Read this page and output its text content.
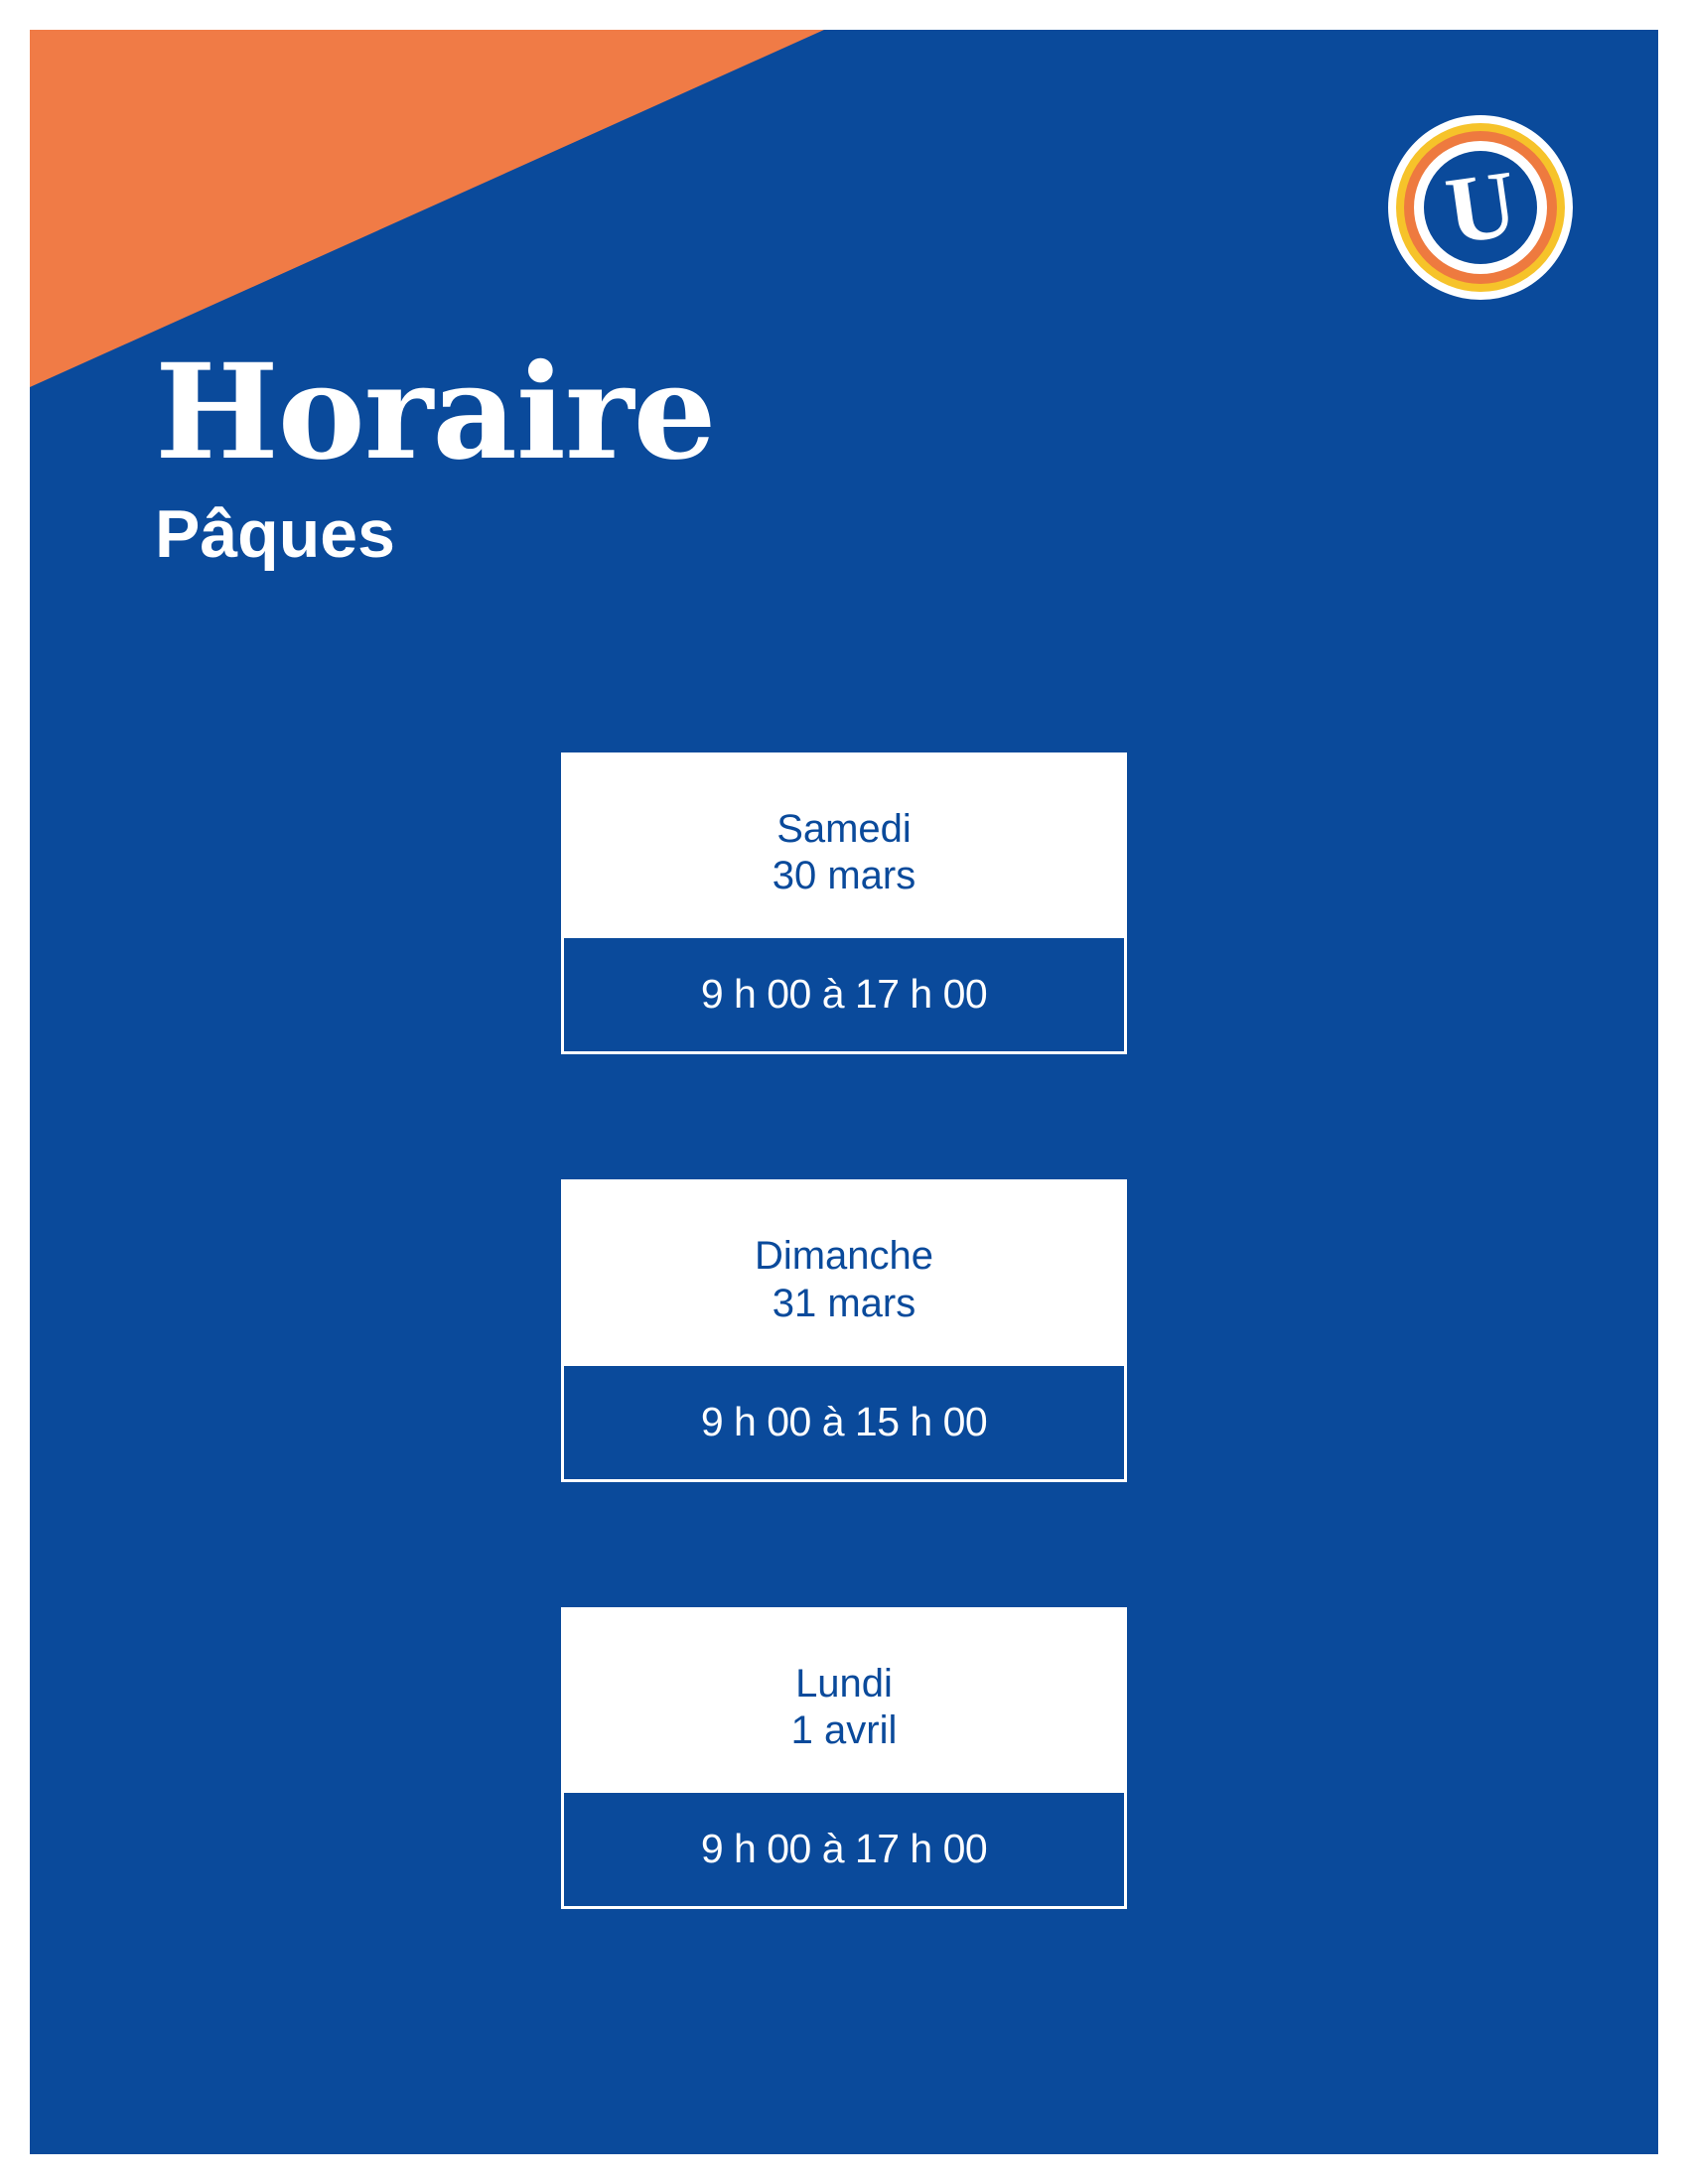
U
Horaire
Pâques
Samedi
30 mars
9 h 00 à 17 h 00
Dimanche
31 mars
9 h 00 à 15 h 00
Lundi
1 avril
9 h 00 à 17 h 00
